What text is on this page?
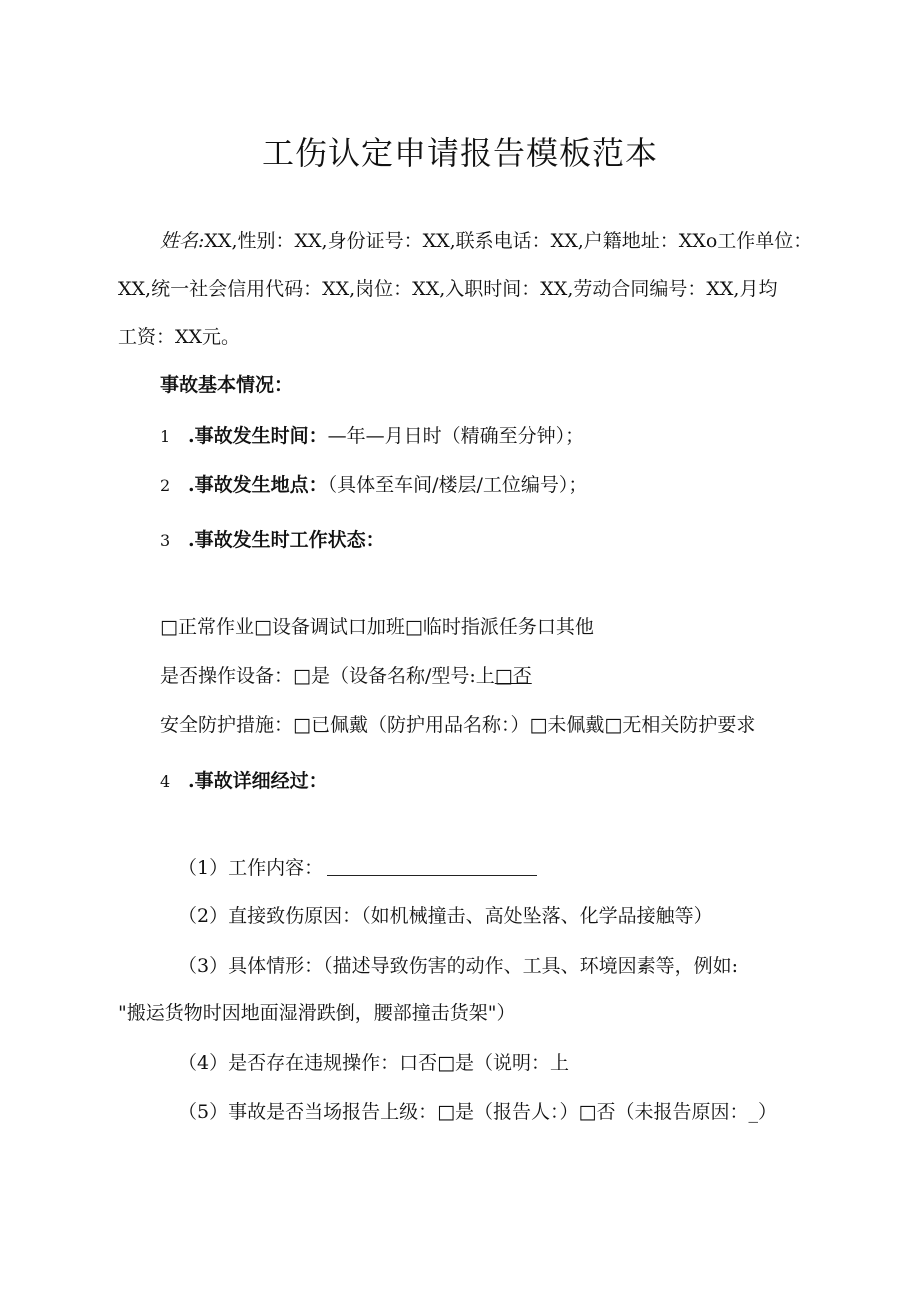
工伤认定申请报告模板范本
姓名:XX,性别：XX,身份证号：XX,联系电话：XX,户籍地址：XXo工作单位：
XX,统一社会信用代码：XX,岗位：XX,入职时间：XX,劳动合同编号：XX,月均
工资：XX元。
事故基本情况：
1 .事故发生时间：—年—月日时（精确至分钟）；
2 .事故发生地点：（具体至车间/楼层/工位编号）；
3 .事故发生时工作状态：
□正常作业□设备调试口加班□临时指派任务口其他
是否操作设备：□是（设备名称/型号:上□否
安全防护措施：□已佩戴（防护用品名称：）□未佩戴□无相关防护要求
4 .事故详细经过：
（1）工作内容：
（2）直接致伤原因：（如机械撞击、高处坠落、化学品接触等）
（3）具体情形：（描述导致伤害的动作、工具、环境因素等，例如:
"搬运货物时因地面湿滑跌倒，腰部撞击货架"）
（4）是否存在违规操作：口否□是（说明：上
（5）事故是否当场报告上级：□是（报告人：）□否（未报告原因：_）
